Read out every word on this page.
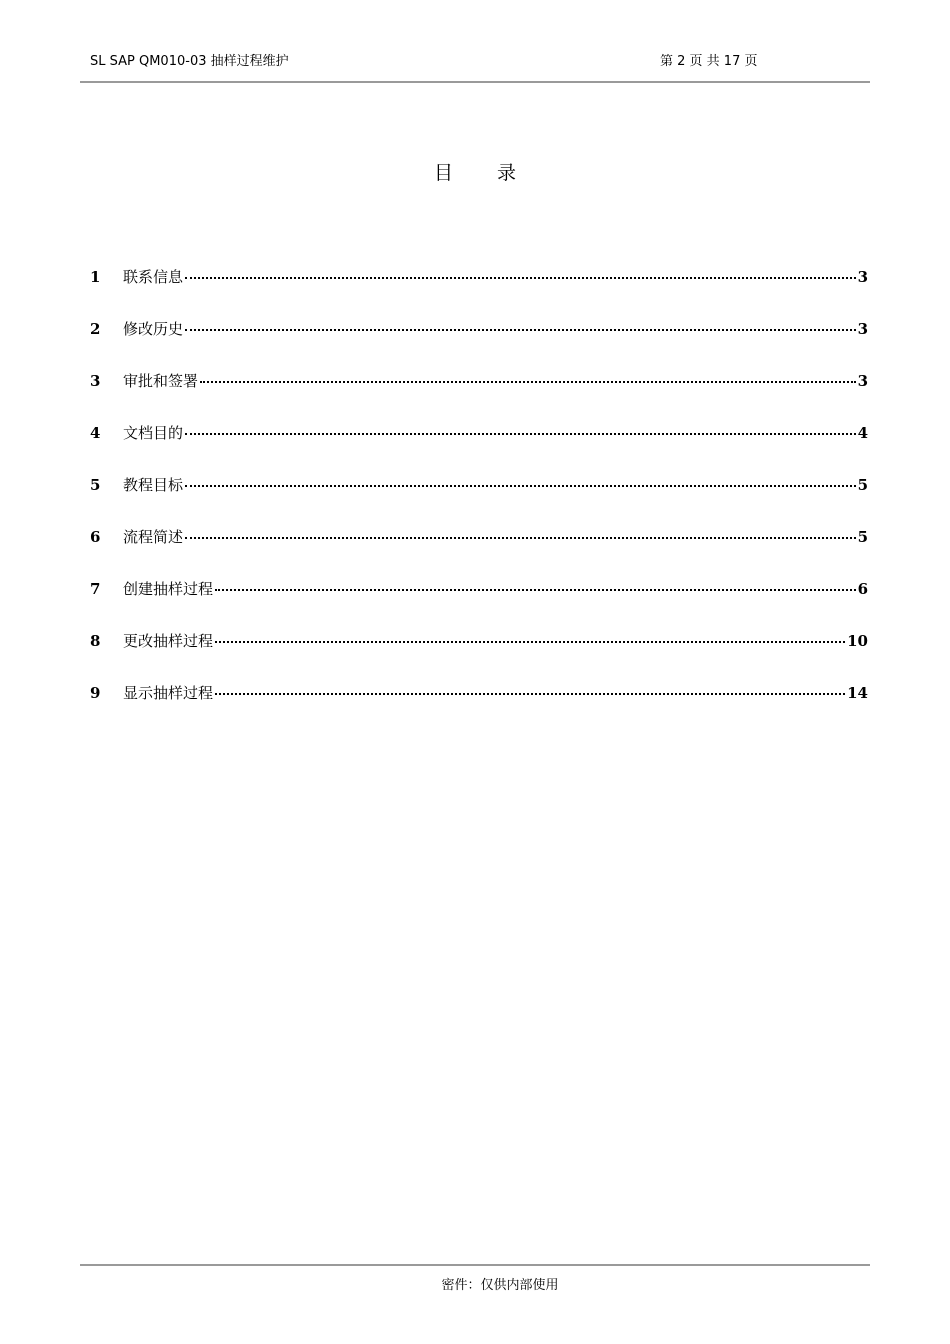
SL SAP QM010-03 抽样过程维护	第 2 页 共 17 页
目录
1	联系信息	3
2	修改历史	3
3	审批和签署	3
4	文档目的	4
5	教程目标	5
6	流程简述	5
7	创建抽样过程	6
8	更改抽样过程	10
9	显示抽样过程	14
密件：仅供内部使用
